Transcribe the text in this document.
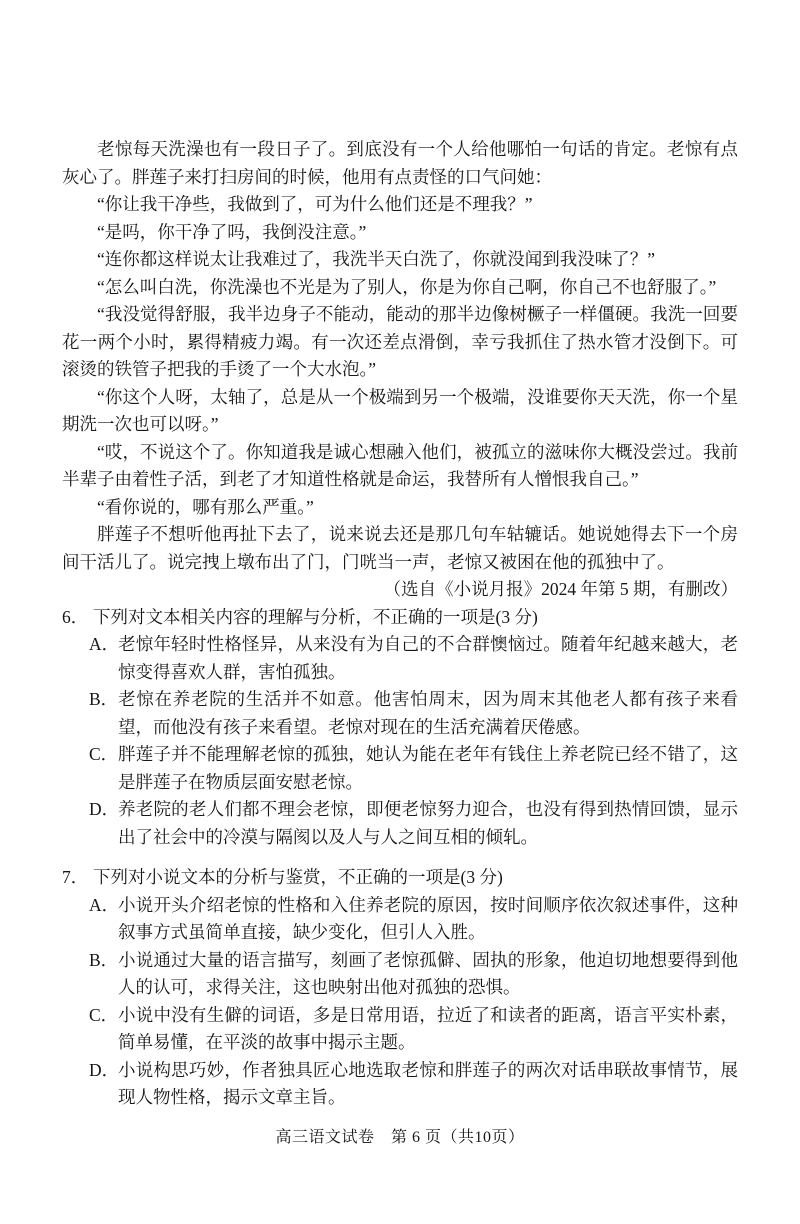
老惊每天洗澡也有一段日子了。到底没有一个人给他哪怕一句话的肯定。老惊有点灰心了。胖莲子来打扫房间的时候，他用有点责怪的口气问她：

“你让我干净些，我做到了，可为什么他们还是不理我？”

“是吗，你干净了吗，我倒没注意。”

“连你都这样说太让我难过了，我洗半天白洗了，你就没闻到我没味了？”

“怎么叫白洗，你洗澡也不光是为了别人，你是为你自己啊，你自己不也舒服了。”

“我没觉得舒服，我半边身子不能动，能动的那半边像树橛子一样僵硬。我洗一回要花一两个小时，累得精疲力竭。有一次还差点滑倒，幸亏我抓住了热水管才没倒下。可滚烫的铁管子把我的手烫了一个大水泡。”

“你这个人呀，太轴了，总是从一个极端到另一个极端，没谁要你天天洗，你一个星期洗一次也可以呀。”

“哎，不说这个了。你知道我是诚心想融入他们，被孤立的滋味你大概没尝过。我前半辈子由着性子活，到老了才知道性格就是命运，我替所有人憎恨我自己。”

“看你说的，哪有那么严重。”

胖莲子不想听他再扯下去了，说来说去还是那几句车轱辘话。她说她得去下一个房间干活儿了。说完拽上墩布出了门，门咣当一声，老惊又被困在他的孤独中了。

（选自《小说月报》2024 年第 5 期，有删改）

6． 下列对文本相关内容的理解与分析，不正确的一项是(3 分)
A．
老惊年轻时性格怪异，从来没有为自己的不合群懊恼过。随着年纪越来越大，老惊变得喜欢人群，害怕孤独。
B． 老惊在养老院的生活并不如意。他害怕周末，因为周末其他老人都有孩子来看望，而他没有孩子来看望。老惊对现在的生活充满着厌倦感。
C． 胖莲子并不能理解老惊的孤独，她认为能在老年有钱住上养老院已经不错了，这是胖莲子在物质层面安慰老惊。
D．
养老院的老人们都不理会老惊，即便老惊努力迎合，也没有得到热情回馈，显示出了社会中的冷漠与隔阂以及人与人之间互相的倾轧。
7． 下列对小说文本的分析与鉴赏，不正确的一项是(3 分)
A．
小说开头介绍老惊的性格和入住养老院的原因，按时间顺序依次叙述事件，这种叙事方式虽简单直接，缺少变化，但引人入胜。
B． 小说通过大量的语言描写，刻画了老惊孤僻、固执的形象，他迫切地想要得到他人的认可，求得关注，这也映射出他对孤独的恐惧。
C． 小说中没有生僻的词语，多是日常用语，拉近了和读者的距离，语言平实朴素，简单易懂，在平淡的故事中揭示主题。
D．
小说构思巧妙，作者独具匠心地选取老惊和胖莲子的两次对话串联故事情节，展现人物性格，揭示文章主旨。
高三语文试卷　第 6 页（共10页）
